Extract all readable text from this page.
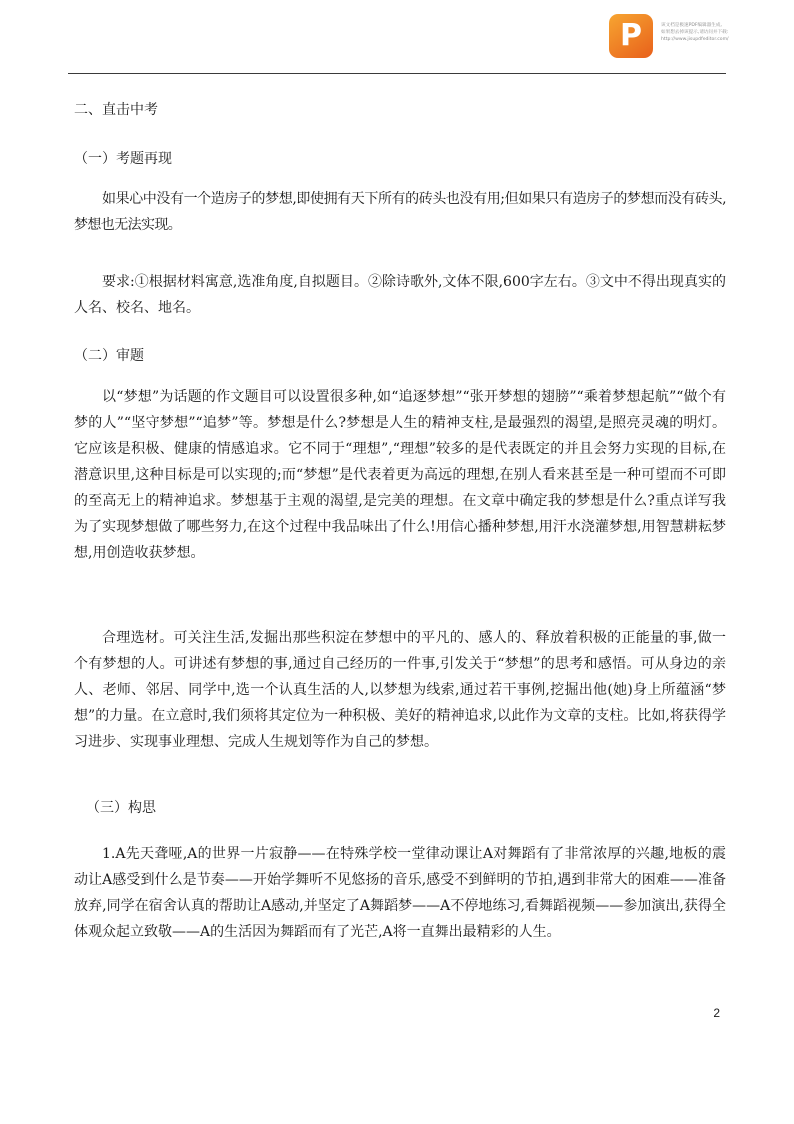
P	该文档是极速PDF编辑器生成,
如果想去掉该提示,请访问并下载:
http://www.jisupdfeditor.com/
二、直击中考
（一）考题再现
如果心中没有一个造房子的梦想,即使拥有天下所有的砖头也没有用;但如果只有造房子的梦想而没有砖头,梦想也无法实现。
要求:①根据材料寓意,选准角度,自拟题目。②除诗歌外,文体不限,600字左右。③文中不得出现真实的人名、校名、地名。
（二）审题
以“梦想”为话题的作文题目可以设置很多种,如“追逐梦想”“张开梦想的翅膀”“乘着梦想起航”“做个有梦的人”“坚守梦想”“追梦”等。梦想是什么?梦想是人生的精神支柱,是最强烈的渴望,是照亮灵魂的明灯。它应该是积极、健康的情感追求。它不同于“理想”,“理想”较多的是代表既定的并且会努力实现的目标,在潜意识里,这种目标是可以实现的;而“梦想”是代表着更为高远的理想,在别人看来甚至是一种可望而不可即的至高无上的精神追求。梦想基于主观的渴望,是完美的理想。在文章中确定我的梦想是什么?重点详写我为了实现梦想做了哪些努力,在这个过程中我品味出了什么!用信心播种梦想,用汗水浇灌梦想,用智慧耕耘梦想,用创造收获梦想。
合理选材。可关注生活,发掘出那些积淀在梦想中的平凡的、感人的、释放着积极的正能量的事,做一个有梦想的人。可讲述有梦想的事,通过自己经历的一件事,引发关于“梦想”的思考和感悟。可从身边的亲人、老师、邻居、同学中,选一个认真生活的人,以梦想为线索,通过若干事例,挖掘出他(她)身上所蕴涵“梦想”的力量。在立意时,我们须将其定位为一种积极、美好的精神追求,以此作为文章的支柱。比如,将获得学习进步、实现事业理想、完成人生规划等作为自己的梦想。
（三）构思
1.A先天聋哑,A的世界一片寂静——在特殊学校一堂律动课让A对舞蹈有了非常浓厚的兴趣,地板的震动让A感受到什么是节奏——开始学舞听不见悠扬的音乐,感受不到鲜明的节拍,遇到非常大的困难——准备放弃,同学在宿舍认真的帮助让A感动,并坚定了A舞蹈梦——A不停地练习,看舞蹈视频——参加演出,获得全体观众起立致敬——A的生活因为舞蹈而有了光芒,A将一直舞出最精彩的人生。
2
